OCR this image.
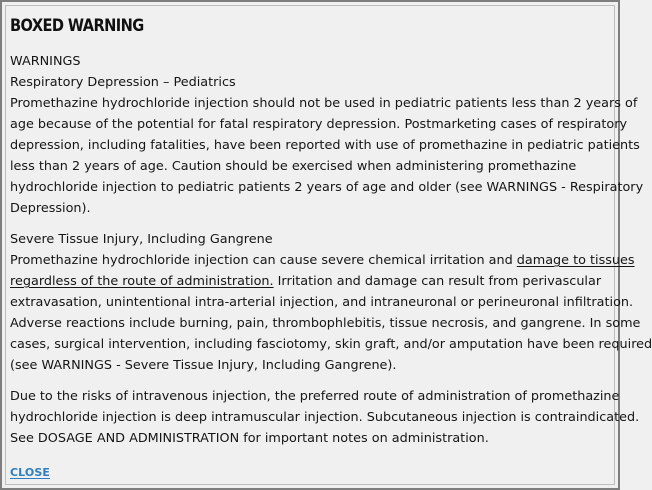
BOXED WARNING
WARNINGS
Respiratory Depression – Pediatrics
Promethazine hydrochloride injection should not be used in pediatric patients less than 2 years of
age because of the potential for fatal respiratory depression. Postmarketing cases of respiratory
depression, including fatalities, have been reported with use of promethazine in pediatric patients
less than 2 years of age. Caution should be exercised when administering promethazine
hydrochloride injection to pediatric patients 2 years of age and older (see WARNINGS - Respiratory
Depression).
Severe Tissue Injury, Including Gangrene
Promethazine hydrochloride injection can cause severe chemical irritation and damage to tissues
regardless of the route of administration. Irritation and damage can result from perivascular
extravasation, unintentional intra-arterial injection, and intraneuronal or perineuronal infiltration.
Adverse reactions include burning, pain, thrombophlebitis, tissue necrosis, and gangrene. In some
cases, surgical intervention, including fasciotomy, skin graft, and/or amputation have been required
(see WARNINGS - Severe Tissue Injury, Including Gangrene).
Due to the risks of intravenous injection, the preferred route of administration of promethazine
hydrochloride injection is deep intramuscular injection. Subcutaneous injection is contraindicated.
See DOSAGE AND ADMINISTRATION for important notes on administration.
CLOSE
